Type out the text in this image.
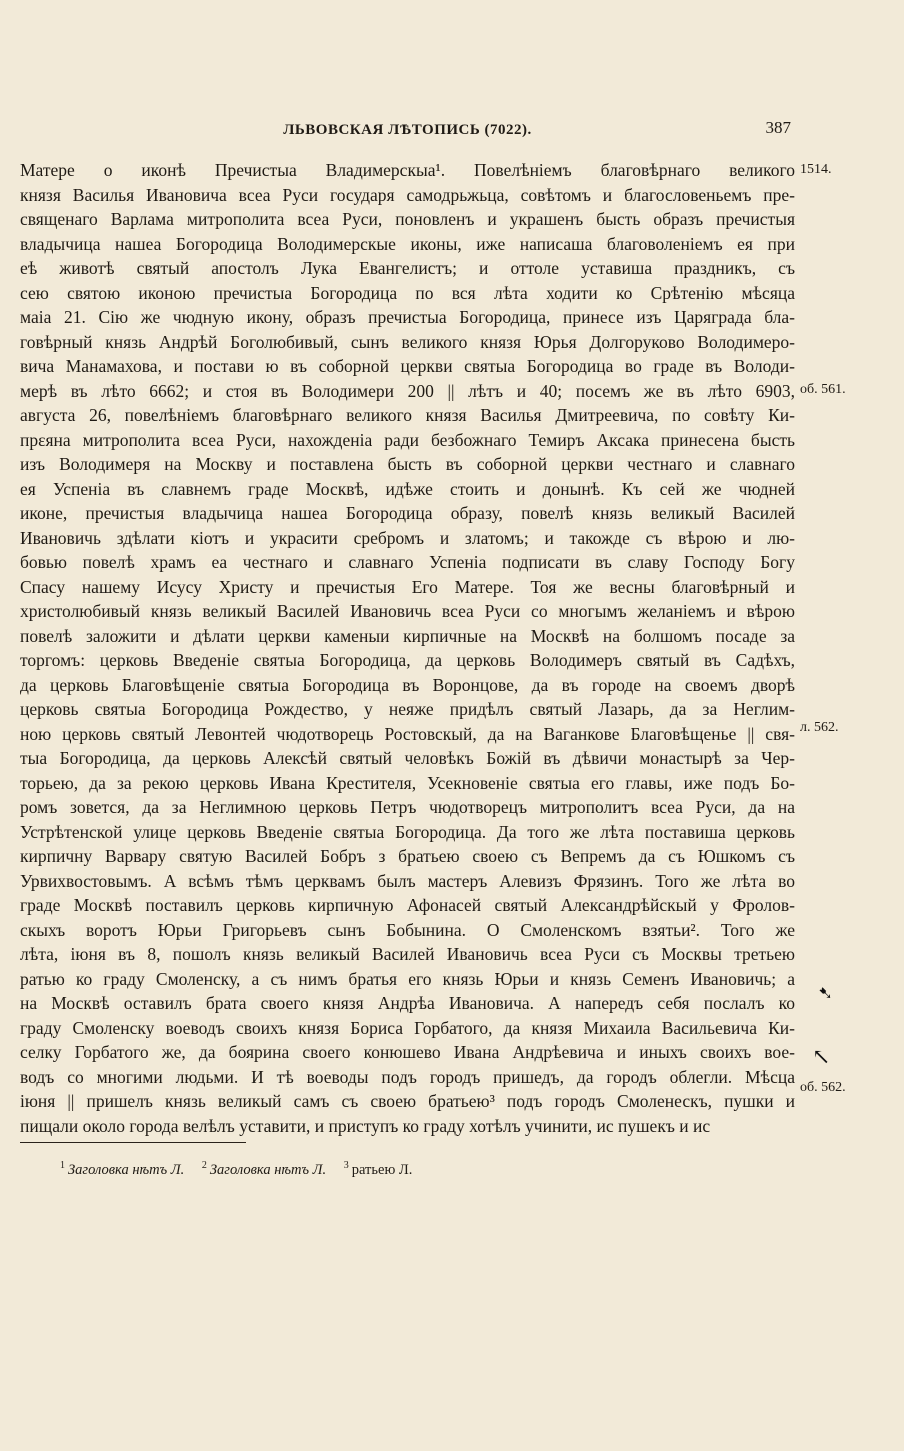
ЛЬВОВСКАЯ ЛѢТОПИСЬ (7022).	387
Матере о иконѣ Пречистыа Владимерскыа¹. Повелѣнiемъ благовѣрнаго великого
князя Василья Ивановича всеа Руси государя самодрьжьца, совѣтомъ и благословеньемъ пре-
священаго Варлама митрополита всеа Руси, поновленъ и украшенъ бысть образъ пречистыя
владычица нашеа Богородица Володимерскые иконы, иже написаша благоволенiемъ ея при
еѣ животѣ святый апостолъ Лука Евангелистъ; и оттоле уставиша праздникъ, съ
сею святою иконою пречистыа Богородица по вся лѣта ходити ко Срѣтенiю мѣсяца
маiа 21. Сiю же чюдную икону, образъ пречистыа Богородица, принесе изъ Царяграда бла-
говѣрный князь Андрѣй Боголюбивый, сынъ великого князя Юрья Долгоруково Володимеро-
вича Манамахова, и постави ю въ соборной церкви святыа Богородица во граде въ Володи-
мерѣ въ лѣто 6662; и стоя въ Володимери 200 || лѣтъ и 40; посемъ же въ лѣто 6903,
августа 26, повелѣнiемъ благовѣрнаго великого князя Василья Дмитреевича, по совѣту Ки-
прεяна митрополита всеа Руси, нахожденiа ради безбожнаго Темиръ Аксака принесена бысть
изъ Володимеря на Москву и поставлена бысть въ соборной церкви честнаго и славнаго
ея Успенiа въ славнемъ граде Москвѣ, идѣже стоить и донынѣ. Къ сей же чюдней
иконе, пречистыя владычица нашеа Богородица образу, повелѣ князь великый Василей
Ивановичь здѣлати кiотъ и украсити сребромъ и златомъ; и такожде съ вѣрою и лю-
бовью повелѣ храмъ еа честнаго и славнаго Успенiа подписати въ славу Господу Богу
Спасу нашему Исусу Христу и пречистыя Его Матере. Тоя же весны благовѣрный и
христолюбивый князь великый Василей Ивановичь всеа Руси со многымъ желанiемъ и вѣрою
повелѣ заложити и дѣлати церкви каменыи кирпичные на Москвѣ на болшомъ посаде за
торгомъ: церковь Введенiе святыа Богородица, да церковь Володимеръ святый въ Садѣхъ,
да церковь Благовѣщенiе святыа Богородица въ Воронцове, да въ городе на своемъ дворѣ
церковь святыа Богородица Рождество, у неяже придѣлъ святый Лазарь, да за Неглим-
ною церковь святый Левонтей чюдотворець Ростовскый, да на Ваганкове Благовѣщенье || свя-
тыа Богородица, да церковь Алексѣй святый человѣкъ Божiй въ дѣвичи монастырѣ за Чер-
торьею, да за рекою церковь Ивана Крестителя, Усекновенiе святыа его главы, иже подъ Бо-
ромъ зовется, да за Неглимною церковь Петръ чюдотворецъ митрополитъ всеа Руси, да на
Устрѣтенской улице церковь Введенiе святыа Богородица. Да того же лѣта поставиша церковь
кирпичну Варвару святую Василей Бобръ з братьею своею съ Вепремъ да съ Юшкомъ съ
Урвихвостовымъ. А всѣмъ тѣмъ церквамъ былъ мастеръ Алевизъ Фрязинъ. Того же лѣта во
граде Москвѣ поставилъ церковь кирпичную Афонасей святый Александрѣйскый у Фролов-
скыхъ воротъ Юрьи Григорьевъ сынъ Бобынина. О Смоленскомъ взятьи². Того же
лѣта, iюня въ 8, пошолъ князь великый Василей Ивановичь всеа Руси съ Москвы третьею
ратью ко граду Смоленску, а съ нимъ братья его князь Юрьи и князь Семенъ Ивановичь; а
на Москвѣ оставилъ брата своего князя Андрѣа Ивановича. А напередъ себя послалъ ко
граду Смоленску воеводъ своихъ князя Бориса Горбатого, да князя Михаила Васильевича Ки-
селку Горбатого же, да боярина своего конюшево Ивана Андрѣевича и иныхъ своихъ вое-
водъ со многими людьми. И тѣ воеводы подъ городъ пришедъ, да городъ облегли. Мѣсца
iюня || пришелъ князь великый самъ съ своею братьею³ подъ городъ Смоленескъ, пушки и
пищали около города велѣлъ уставити, и приступъ ко граду хотѣлъ учинити, ис пушекъ и ис
1514.
об. 561.
л. 562.
об. 562.
➷
↖
$^1$ Заголовка нѣтъ Л. $^2$ Заголовка нѣтъ Л. $^3$ ратьею Л.
